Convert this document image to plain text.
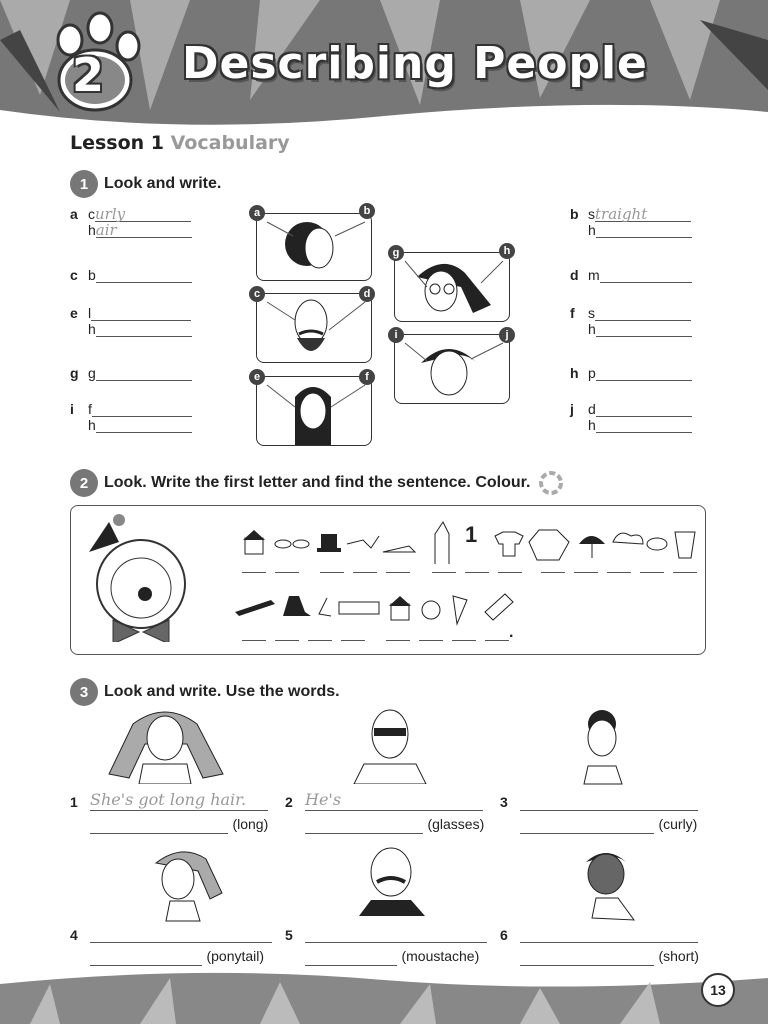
2 Describing People
Lesson 1 Vocabulary
1 Look and write.
a c urly

h air
c b
e l
h
g g
i f
h
b s traight

h
d m
f s
h
h p
j d
h
a	b
c	d
e	f
g	h
i	j
2 Look. Write the first letter and find the sentence. Colour.
1
.
3 Look and write. Use the words.
1 She's got long hair.
(long)
2 He's
(glasses)
3
(curly)
4
(ponytail)
5
(moustache)
6
(short)
13
